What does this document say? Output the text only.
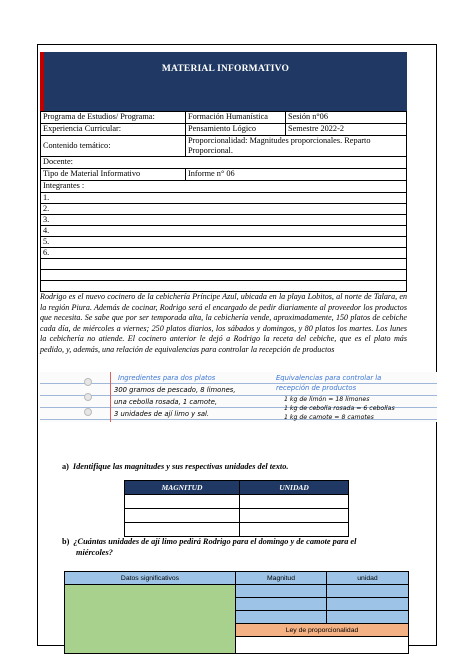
MATERIAL INFORMATIVO
Programa de Estudios/ Programa:	Formación Humanística	Sesión n°06
Experiencia Curricular:	Pensamiento Lógico	Semestre 2022-2
Contenido temático:	Proporcionalidad: Magnitudes proporcionales. Reparto Proporcional.	
Docente:		
Tipo de Material Informativo	Informe n° 06	
Integrantes :		
1.		
2.		
3.		
4.		
5.		
6.		

Rodrigo es el nuevo cocinero de la cebichería Príncipe Azul, ubicada en la playa Lobitos, al norte de Talara, en la región Piura. Además de cocinar, Rodrigo será el encargado de pedir diariamente al proveedor los productos que necesita. Se sabe que por ser temporada alta, la cebichería vende, aproximadamente, 150 platos de cebiche cada día, de miércoles a viernes; 250 platos diarios, los sábados y domingos, y 80 platos los martes. Los lunes la cebichería no atiende. El cocinero anterior le dejó a Rodrigo la receta del cebiche, que es el plato más pedido, y, además, una relación de equivalencias para controlar la recepción de productos

Ingredientes para dos platos
300 gramos de pescado, 8 limones,
una cebolla rosada, 1 camote,
3 unidades de ají limo y sal.
Equivalencias para controlar la
recepción de productos
1 kg de limón = 18 limones
1 kg de cebolla rosada = 6 cebollas
1 kg de camote = 8 camotes
a) Identifique las magnitudes y sus respectivas unidades del texto.
MAGNITUD	UNIDAD

b) ¿Cuántas unidades de ají limo pedirá Rodrigo para el domingo y de camote para el
miércoles?
Datos significativos	Magnitud	unidad

	Ley de proporcionalidad	
